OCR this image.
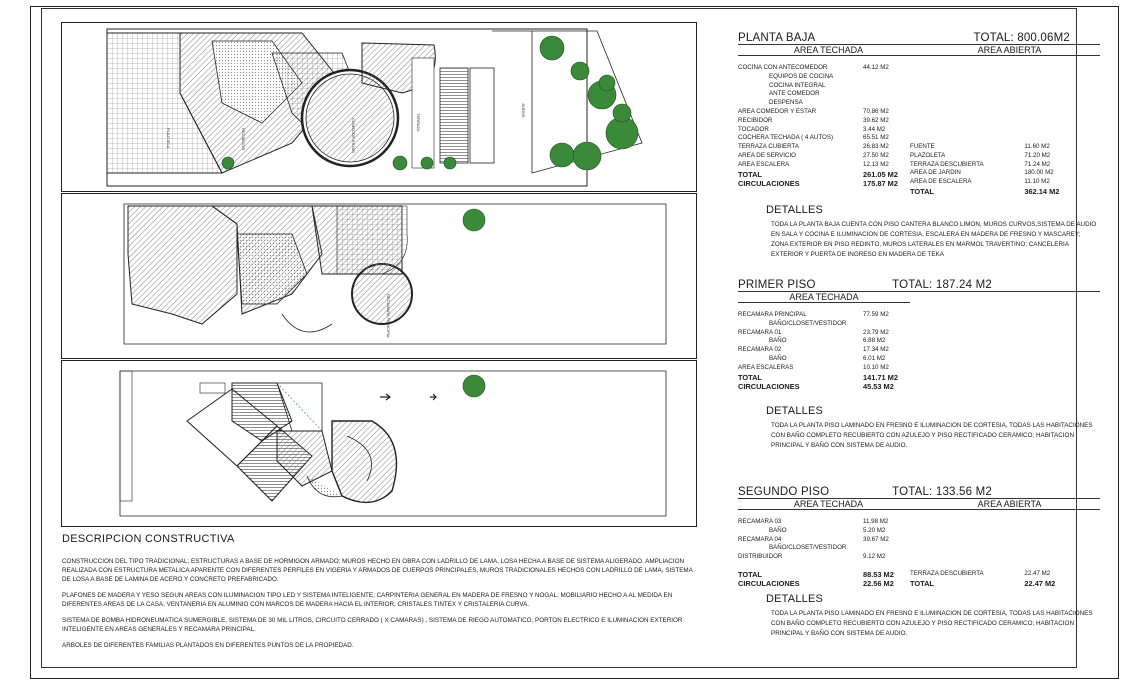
PLAZUELA	RECIBIDOR	COMEDOR ESTAR	TERRAZA
JARDIN
RECAMARA PRINCIPAL
DESCRIPCION CONSTRUCTIVA

CONSTRUCCION DEL TIPO TRADICIONAL; ESTRUCTURAS A BASE DE HORMIGON ARMADO; MUROS HECHO EN OBRA CON LADRILLO DE LAMA, LOSA HECHA A BASE DE SISTEMA ALIGERADO. AMPLIACION REALIZADA CON ESTRUCTURA METALICA APARENTE CON DIFERENTES PERFILES EN VIGERIA Y ARMADOS DE CUERPOS PRINCIPALES, MUROS TRADICIONALES HECHOS CON LADRILLO DE LAMA, SISTEMA DE LOSA A BASE DE LAMINA DE ACERO Y CONCRETO PREFABRICADO.

PLAFONES DE MADERA Y YESO SEGUN AREAS CON ILUMINACION TIPO LED Y SISTEMA INTELIGENTE; CARPINTERIA GENERAL EN MADERA DE FRESNO Y NOGAL; MOBILIARIO HECHO A AL MEDIDA EN DIFERENTES AREAS DE LA CASA; VENTANERIA EN ALUMINIO CON MARCOS DE MADERA HACIA EL INTERIOR, CRISTALES TINTEX Y CRISTALERIA CURVA.

SISTEMA DE BOMBA HIDRONEUMATICA SUMERGIBLE, SISTEMA DE 30 MIL LITROS, CIRCUITO CERRADO ( X CAMARAS) , SISTEMA DE RIEGO AUTOMATICO, PORTON ELECTRICO E ILUMINACION EXTERIOR INTELIGENTE EN AREAS GENERALES Y RECAMARA PRINCIPAL.

ARBOLES DE DIFERENTES FAMILIAS PLANTADOS EN DIFERENTES PUNTOS DE LA PROPIEDAD.

PLANTA BAJA	TOTAL: 800.06M2
AREA TECHADA	AREA ABIERTA
COCINA CON ANTECOMEDOR	44.12 M2
EQUIPOS DE COCINA
COCINA INTEGRAL
ANTE COMEDOR
DESPENSA
AREA COMEDOR Y ESTAR	70.86 M2
RECIBIDOR	39.62 M2
TOCADOR	3.44 M2
COCHERA TECHADA ( 4 AUTOS)	65.51 M2
TERRAZA CUBIERTA	26.83 M2
AREA DE SERVICIO	27.50 M2
AREA ESCALERA	12.13 M2
TOTAL	261.05 M2
CIRCULACIONES	175.87 M2
FUENTE	11.60 M2
PLAZOLETA	71.20 M2
TERRAZA DESCUBIERTA	71.24 M2
AREA DE JARDIN	180.00 M2
AREA DE ESCALERA	11.10 M2
TOTAL	362.14 M2
DETALLES
TODA LA PLANTA BAJA CUENTA CON PISO CANTERA BLANCO LIMON, MUROS CURVOS,SISTEMA DE AUDIO EN SALA Y COCINA E ILUMINACION DE CORTESIA, ESCALERA EN MADERA DE FRESNO Y MASCAREY; ZONA EXTERIOR EN PISO REDINTO, MUROS LATERALES EN MARMOL TRAVERTINO; CANCELERIA EXTERIOR Y PUERTA DE INGRESO EN MADERA DE TEKA
PRIMER PISO	TOTAL: 187.24 M2
AREA TECHADA
RECAMARA PRINCIPAL	77.59 M2
BAÑO/CLOSET/VESTIDOR
RECAMARA 01	23.79 M2
BAÑO	6.88 M2
RECAMARA 02	17.34 M2
BAÑO	6.01 M2
AREA ESCALERAS	10.10 M2
TOTAL	141.71 M2
CIRCULACIONES	45.53 M2
DETALLES
TODA LA PLANTA PISO LAMINADO EN FRESNO E ILUMINACION DE CORTESIA, TODAS LAS HABITACIONES CON BAÑO COMPLETO RECUBIERTO CON AZULEJO Y PISO RECTIFICADO CERAMICO; HABITACION PRINCIPAL Y BAÑO CON SISTEMA DE AUDIO.
SEGUNDO PISO	TOTAL: 133.56 M2
AREA TECHADA	AREA ABIERTA
RECAMARA 03	11.98 M2
BAÑO	5.20 M2
RECAMARA 04	39.67 M2
BAÑO/CLOSET/VESTIDOR
DISTRIBUIDOR	9.12 M2
TOTAL	88.53 M2
CIRCULACIONES	22.56 M2
TERRAZA DESCUBIERTA	22.47 M2
TOTAL	22.47 M2
DETALLES
TODA LA PLANTA PISO LAMINADO EN FRESNO E ILUMINACION DE CORTESIA, TODAS LAS HABITACIONES CON BAÑO COMPLETO RECUBIERTO CON AZULEJO Y PISO RECTIFICADO CERAMICO; HABITACION PRINCIPAL Y BAÑO CON SISTEMA DE AUDIO.
